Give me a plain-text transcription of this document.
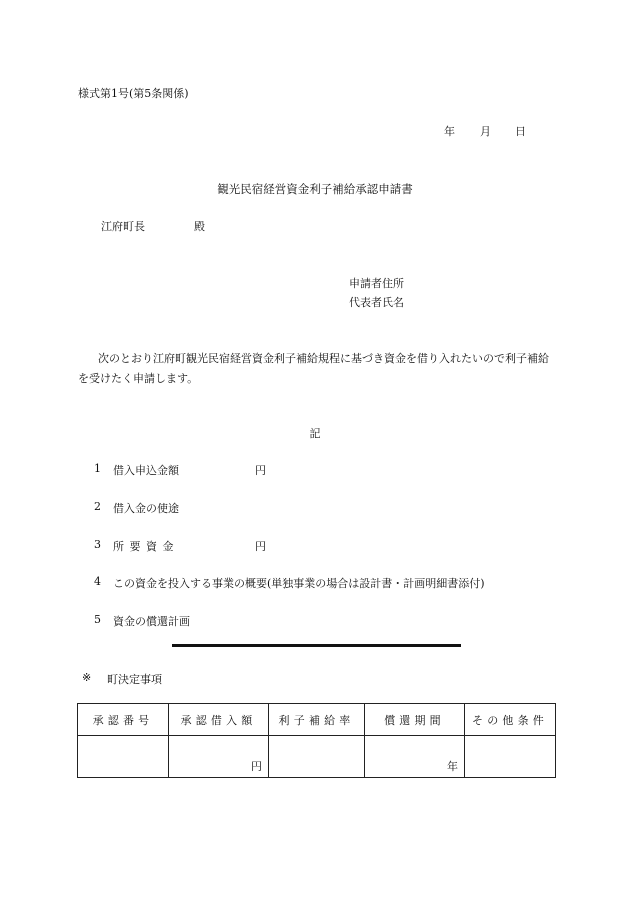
様式第1号(第5条関係)
年 月 日
観光民宿経営資金利子補給承認申請書
江府町長	殿
申請者住所
代表者氏名
次のとおり江府町観光民宿経営資金利子補給規程に基づき資金を借り入れたいので利子補給を受けたく申請します。
記
1 借入申込金額	円
2 借入金の使途
3 所要資金	円
4 この資金を投入する事業の概要(単独事業の場合は設計書・計画明細書添付)
5 資金の償還計画
※ 町決定事項
承認番号	承認借入額	利子補給率	償還期間	その他条件
	円		年	
